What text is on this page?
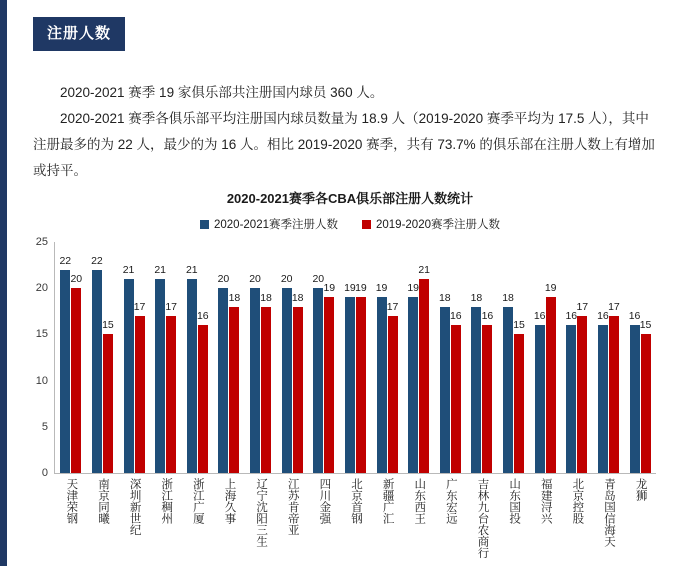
注册人数

2020-2021 赛季 19 家俱乐部共注册国内球员 360 人。

2020-2021 赛季各俱乐部平均注册国内球员数量为 18.9 人（2019-2020 赛季平均为 17.5 人），其中注册最多的为 22 人，最少的为 16 人。相比 2019-2020 赛季，共有 73.7% 的俱乐部在注册人数上有增加或持平。

2020-2021赛季各CBA俱乐部注册人数统计
2020-2021赛季注册人数	2019-2020赛季注册人数
0
5
10
15
20
25
22
20
22
15
21
17
21
17
21
16
20
18
20
18
20
18
20
19 19 19 19
17
19
21
18
16
18
16
18
15
16
19
16
17
16
17
16
15
天津荣钢 南京同曦 深圳新世纪 浙江稠州 浙江广厦 上海久事 辽宁沈阳三生 江苏肯帝亚 四川金强 北京首钢 新疆广汇 山东西王 广东宏远 吉林九台农商行 山东国投 福建浔兴 北京控股 青岛国信海天 龙狮
